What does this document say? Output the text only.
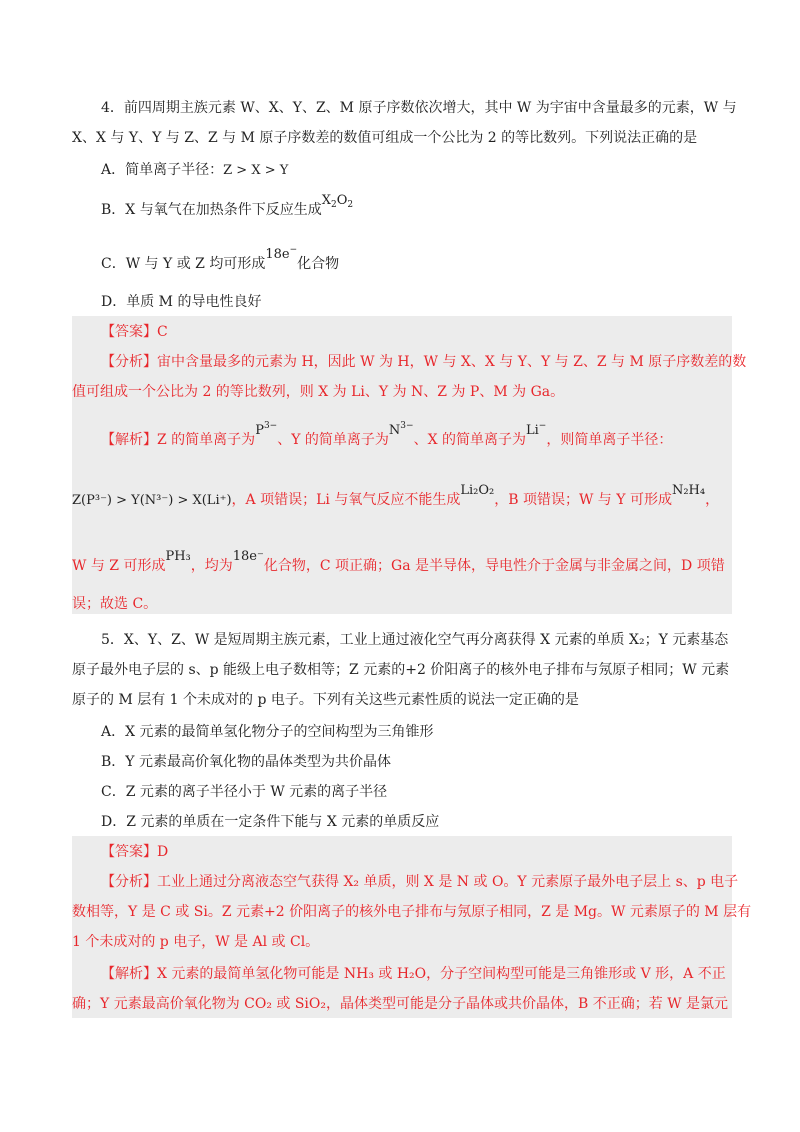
4．前四周期主族元素 W、X、Y、Z、M 原子序数依次增大，其中 W 为宇宙中含量最多的元素，W 与
X、X 与 Y、Y 与 Z、Z 与 M 原子序数差的数值可组成一个公比为 2 的等比数列。下列说法正确的是
A．简单离子半径：Z > X > Y
B．X 与氧气在加热条件下反应生成$X_2O_2$
C．W 与 Y 或 Z 均可形成18e−化合物
D．单质 M 的导电性良好
【答案】C
【分析】宙中含量最多的元素为 H，因此 W 为 H，W 与 X、X 与 Y、Y 与 Z、Z 与 M 原子序数差的数
值可组成一个公比为 2 的等比数列，则 X 为 Li、Y 为 N、Z 为 P、M 为 Ga。
【解析】Z 的简单离子为$P^{3-}$、Y 的简单离子为$N^{3-}$、X 的简单离子为Li−，则简单离子半径：
Z(P³⁻) > Y(N³⁻) > X(Li⁺)，A 项错误；Li 与氧气反应不能生成Li₂O₂，B 项错误；W 与 Y 可形成N₂H₄，
W 与 Z 可形成PH₃，均为18e⁻化合物，C 项正确；Ga 是半导体，导电性介于金属与非金属之间，D 项错
误；故选 C。
5．X、Y、Z、W 是短周期主族元素，工业上通过液化空气再分离获得 X 元素的单质 X₂；Y 元素基态
原子最外电子层的 s、p 能级上电子数相等；Z 元素的+2 价阳离子的核外电子排布与氖原子相同；W 元素
原子的 M 层有 1 个未成对的 p 电子。下列有关这些元素性质的说法一定正确的是
A．X 元素的最简单氢化物分子的空间构型为三角锥形
B．Y 元素最高价氧化物的晶体类型为共价晶体
C．Z 元素的离子半径小于 W 元素的离子半径
D．Z 元素的单质在一定条件下能与 X 元素的单质反应
【答案】D
【分析】工业上通过分离液态空气获得 X₂ 单质，则 X 是 N 或 O。Y 元素原子最外电子层上 s、p 电子
数相等，Y 是 C 或 Si。Z 元素+2 价阳离子的核外电子排布与氖原子相同，Z 是 Mg。W 元素原子的 M 层有
1 个未成对的 p 电子，W 是 Al 或 Cl。
【解析】X 元素的最简单氢化物可能是 NH₃ 或 H₂O，分子空间构型可能是三角锥形或 V 形，A 不正
确；Y 元素最高价氧化物为 CO₂ 或 SiO₂，晶体类型可能是分子晶体或共价晶体，B 不正确；若 W 是氯元
